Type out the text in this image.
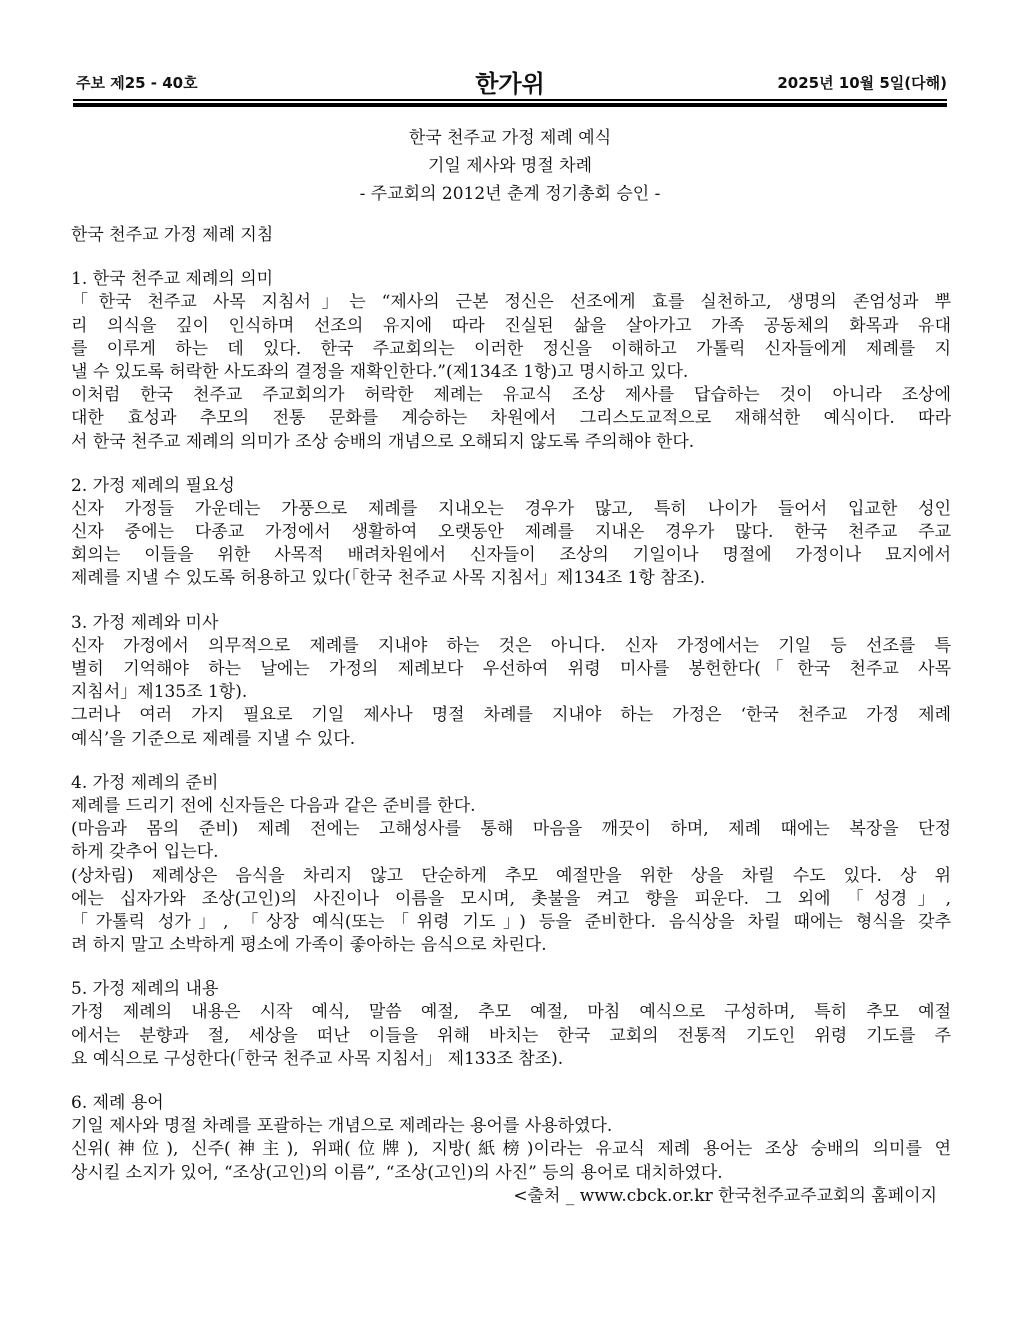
주보 제25 - 40호	한가위	2025년 10월 5일(다해)
한국 천주교 가정 제례 예식
기일 제사와 명절 차례
- 주교회의 2012년 춘계 정기총회 승인 -
한국 천주교 가정 제례 지침
1. 한국 천주교 제례의 의미
「한국 천주교 사목 지침서」는 “제사의 근본 정신은 선조에게 효를 실천하고, 생명의 존엄성과 뿌
리 의식을 깊이 인식하며 선조의 유지에 따라 진실된 삶을 살아가고 가족 공동체의 화목과 유대
를 이루게 하는 데 있다. 한국 주교회의는 이러한 정신을 이해하고 가톨릭 신자들에게 제례를 지
낼 수 있도록 허락한 사도좌의 결정을 재확인한다.”(제134조 1항)고 명시하고 있다.
이처럼 한국 천주교 주교회의가 허락한 제례는 유교식 조상 제사를 답습하는 것이 아니라 조상에
대한 효성과 추모의 전통 문화를 계승하는 차원에서 그리스도교적으로 재해석한 예식이다. 따라
서 한국 천주교 제례의 의미가 조상 숭배의 개념으로 오해되지 않도록 주의해야 한다.
2. 가정 제례의 필요성
신자 가정들 가운데는 가풍으로 제례를 지내오는 경우가 많고, 특히 나이가 들어서 입교한 성인
신자 중에는 다종교 가정에서 생활하여 오랫동안 제례를 지내온 경우가 많다. 한국 천주교 주교
회의는 이들을 위한 사목적 배려차원에서 신자들이 조상의 기일이나 명절에 가정이나 묘지에서
제례를 지낼 수 있도록 허용하고 있다(「한국 천주교 사목 지침서」제134조 1항 참조).
3. 가정 제례와 미사
신자 가정에서 의무적으로 제례를 지내야 하는 것은 아니다. 신자 가정에서는 기일 등 선조를 특
별히 기억해야 하는 날에는 가정의 제례보다 우선하여 위령 미사를 봉헌한다(「한국 천주교 사목
지침서」제135조 1항).
그러나 여러 가지 필요로 기일 제사나 명절 차례를 지내야 하는 가정은 ‘한국 천주교 가정 제례
예식’을 기준으로 제례를 지낼 수 있다.
4. 가정 제례의 준비
제례를 드리기 전에 신자들은 다음과 같은 준비를 한다.
(마음과 몸의 준비) 제례 전에는 고해성사를 통해 마음을 깨끗이 하며, 제례 때에는 복장을 단정
하게 갖추어 입는다.
(상차림) 제례상은 음식을 차리지 않고 단순하게 추모 예절만을 위한 상을 차릴 수도 있다. 상 위
에는 십자가와 조상(고인)의 사진이나 이름을 모시며, 촛불을 켜고 향을 피운다. 그 외에 「성경」,
「가톨릭 성가」, 「상장 예식(또는「위령 기도」) 등을 준비한다. 음식상을 차릴 때에는 형식을 갖추
려 하지 말고 소박하게 평소에 가족이 좋아하는 음식으로 차린다.
5. 가정 제례의 내용
가정 제례의 내용은 시작 예식, 말씀 예절, 추모 예절, 마침 예식으로 구성하며, 특히 추모 예절
에서는 분향과 절, 세상을 떠난 이들을 위해 바치는 한국 교회의 전통적 기도인 위령 기도를 주
요 예식으로 구성한다(「한국 천주교 사목 지침서」 제133조 참조).
6. 제례 용어
기일 제사와 명절 차례를 포괄하는 개념으로 제례라는 용어를 사용하였다.
신위(神位), 신주(神主), 위패(位牌), 지방(紙榜)이라는 유교식 제례 용어는 조상 숭배의 의미를 연
상시킬 소지가 있어, “조상(고인)의 이름”, “조상(고인)의 사진” 등의 용어로 대치하였다.
<출처 _ www.cbck.or.kr 한국천주교주교회의 홈페이지
